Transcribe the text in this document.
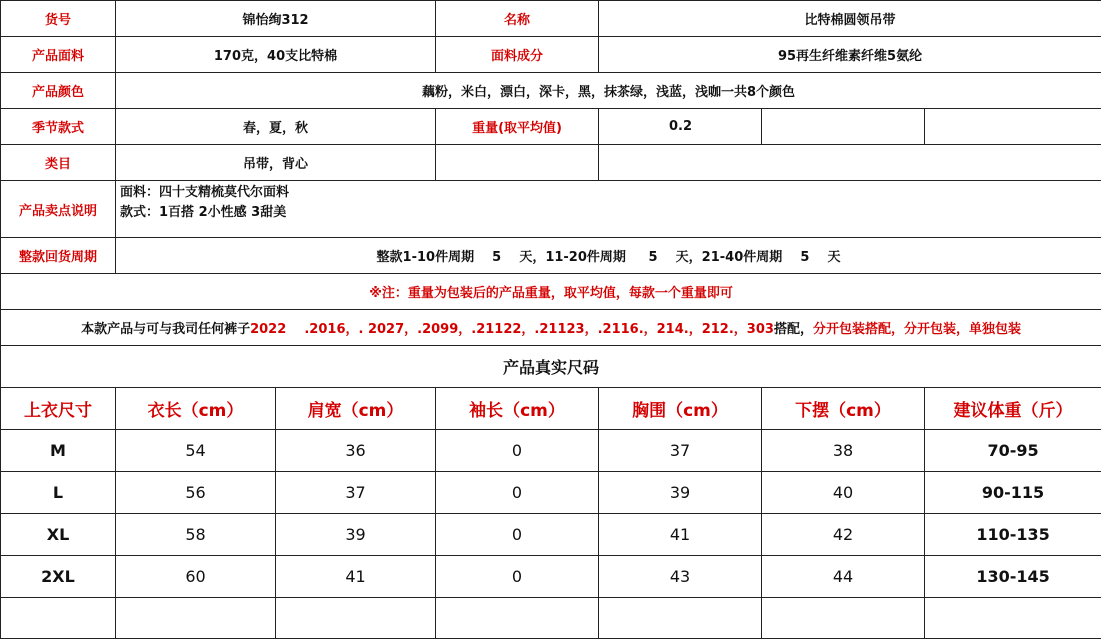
货号	锦怡绚312		名称	比特棉圆领吊带		
产品面料	170克，40支比特棉		面料成分	95再生纤维素纤维5氨纶		
产品颜色	藕粉，米白，漂白，深卡，黑，抹茶绿，浅蓝，浅咖一共8个颜色					
季节款式	春，夏，秋		重量(取平均值)	0.2		
类目	吊带，背心					
产品卖点说明	面料：四十支精梳莫代尔面料
款式：1百搭 2小性感 3甜美					

整款回货周期	整款1-10件周期    5    天，11-20件周期     5    天，21-40件周期    5    天					
※注：重量为包装后的产品重量，取平均值，每款一个重量即可						
本款产品与可与我司任何裤子2022    .2016，. 2027，.2099，.21122，.21123，.2116.，214.，212.，303搭配，分开包装搭配，分开包装，单独包装						
产品真实尺码						
上衣尺寸	衣长（cm）	肩宽（cm）	袖长（cm）	胸围（cm）	下摆（cm）	建议体重（斤）
M	54	36	0	37	38	70-95
L	56	37	0	39	40	90-115
XL	58	39	0	41	42	110-135
2XL	60	41	0	43	44	130-145
